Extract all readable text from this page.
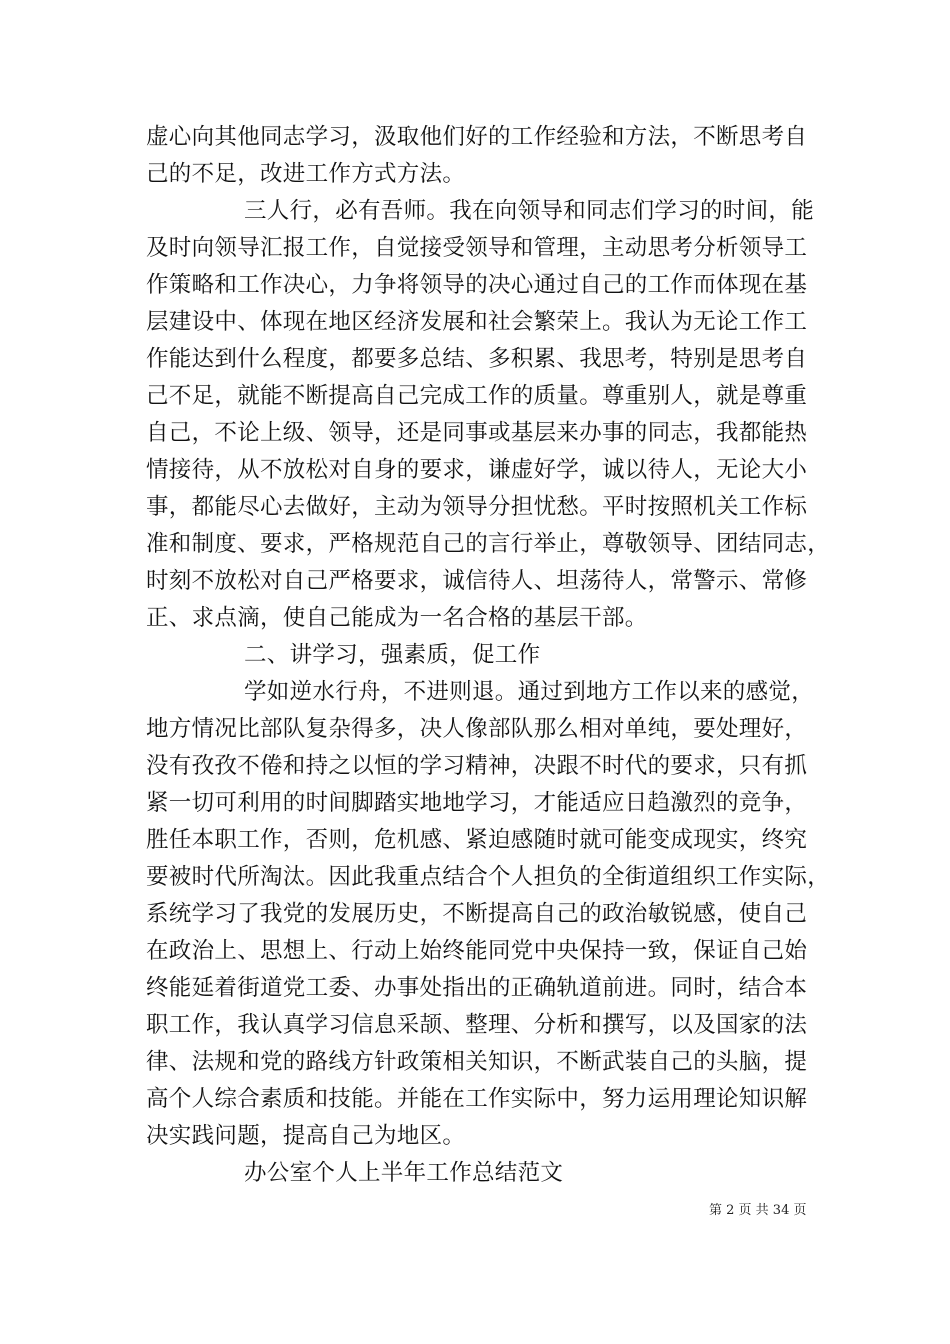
虚心向其他同志学习，汲取他们好的工作经验和方法，不断思考自
己的不足，改进工作方式方法。
三人行，必有吾师。我在向领导和同志们学习的时间，能
及时向领导汇报工作，自觉接受领导和管理，主动思考分析领导工
作策略和工作决心，力争将领导的决心通过自己的工作而体现在基
层建设中、体现在地区经济发展和社会繁荣上。我认为无论工作工
作能达到什么程度，都要多总结、多积累、我思考，特别是思考自
己不足，就能不断提高自己完成工作的质量。尊重别人，就是尊重
自己，不论上级、领导，还是同事或基层来办事的同志，我都能热
情接待，从不放松对自身的要求，谦虚好学，诚以待人，无论大小
事，都能尽心去做好，主动为领导分担忧愁。平时按照机关工作标
准和制度、要求，严格规范自己的言行举止，尊敬领导、团结同志，
时刻不放松对自己严格要求，诚信待人、坦荡待人，常警示、常修
正、求点滴，使自己能成为一名合格的基层干部。
二、讲学习，强素质，促工作
学如逆水行舟，不进则退。通过到地方工作以来的感觉，
地方情况比部队复杂得多，决人像部队那么相对单纯，要处理好，
没有孜孜不倦和持之以恒的学习精神，决跟不时代的要求，只有抓
紧一切可利用的时间脚踏实地地学习，才能适应日趋激烈的竞争，
胜任本职工作，否则，危机感、紧迫感随时就可能变成现实，终究
要被时代所淘汰。因此我重点结合个人担负的全街道组织工作实际，
系统学习了我党的发展历史，不断提高自己的政治敏锐感，使自己
在政治上、思想上、行动上始终能同党中央保持一致，保证自己始
终能延着街道党工委、办事处指出的正确轨道前进。同时，结合本
职工作，我认真学习信息采颉、整理、分析和撰写，以及国家的法
律、法规和党的路线方针政策相关知识，不断武装自己的头脑，提
高个人综合素质和技能。并能在工作实际中，努力运用理论知识解
决实践问题，提高自己为地区。
办公室个人上半年工作总结范文
第 2 页 共 34 页
